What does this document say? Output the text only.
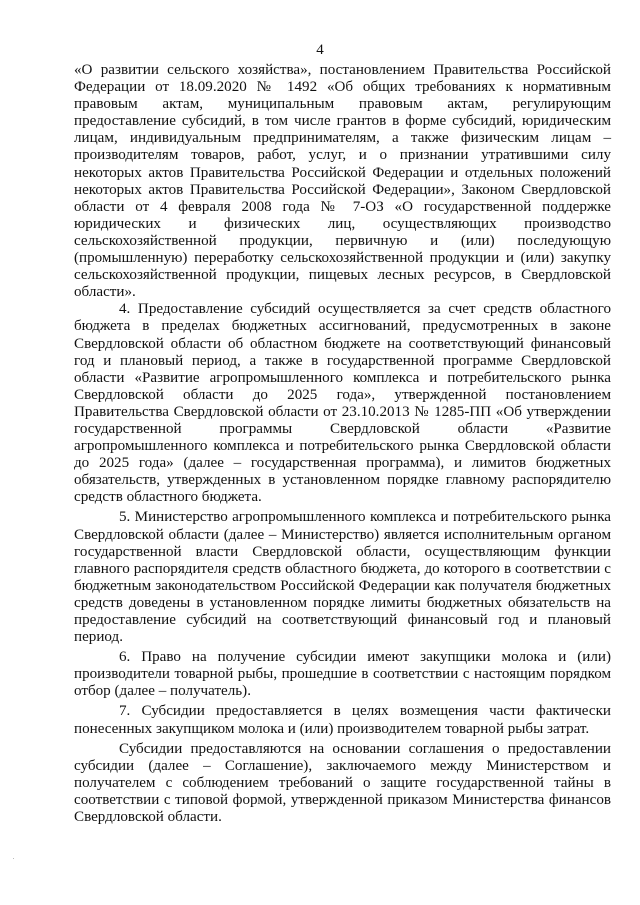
4

«О развитии сельского хозяйства», постановлением Правительства Российской Федерации от 18.09.2020 № 1492 «Об общих требованиях к нормативным правовым актам, муниципальным правовым актам, регулирующим предоставление субсидий, в том числе грантов в форме субсидий, юридическим лицам, индивидуальным предпринимателям, а также физическим лицам – производителям товаров, работ, услуг, и о признании утратившими силу некоторых актов Правительства Российской Федерации и отдельных положений некоторых актов Правительства Российской Федерации», Законом Свердловской области от 4 февраля 2008 года № 7-ОЗ «О государственной поддержке юридических и физических лиц, осуществляющих производство сельскохозяйственной продукции, первичную и (или) последующую (промышленную) переработку сельскохозяйственной продукции и (или) закупку сельскохозяйственной продукции, пищевых лесных ресурсов, в Свердловской области».

4. Предоставление субсидий осуществляется за счет средств областного бюджета в пределах бюджетных ассигнований, предусмотренных в законе Свердловской области об областном бюджете на соответствующий финансовый год и плановый период, а также в государственной программе Свердловской области «Развитие агропромышленного комплекса и потребительского рынка Свердловской области до 2025 года», утвержденной постановлением Правительства Свердловской области от 23.10.2013 № 1285-ПП «Об утверждении государственной программы Свердловской области «Развитие агропромышленного комплекса и потребительского рынка Свердловской области до 2025 года» (далее – государственная программа), и лимитов бюджетных обязательств, утвержденных в установленном порядке главному распорядителю средств областного бюджета.

5. Министерство агропромышленного комплекса и потребительского рынка Свердловской области (далее – Министерство) является исполнительным органом государственной власти Свердловской области, осуществляющим функции главного распорядителя средств областного бюджета, до которого в соответствии с бюджетным законодательством Российской Федерации как получателя бюджетных средств доведены в установленном порядке лимиты бюджетных обязательств на предоставление субсидий на соответствующий финансовый год и плановый период.

6. Право на получение субсидии имеют закупщики молока и (или) производители товарной рыбы, прошедшие в соответствии с настоящим порядком отбор (далее – получатель).

7. Субсидии предоставляется в целях возмещения части фактически понесенных закупщиком молока и (или) производителем товарной рыбы затрат.

Субсидии предоставляются на основании соглашения о предоставлении субсидии (далее – Соглашение), заключаемого между Министерством и получателем с соблюдением требований о защите государственной тайны в соответствии с типовой формой, утвержденной приказом Министерства финансов Свердловской области.
